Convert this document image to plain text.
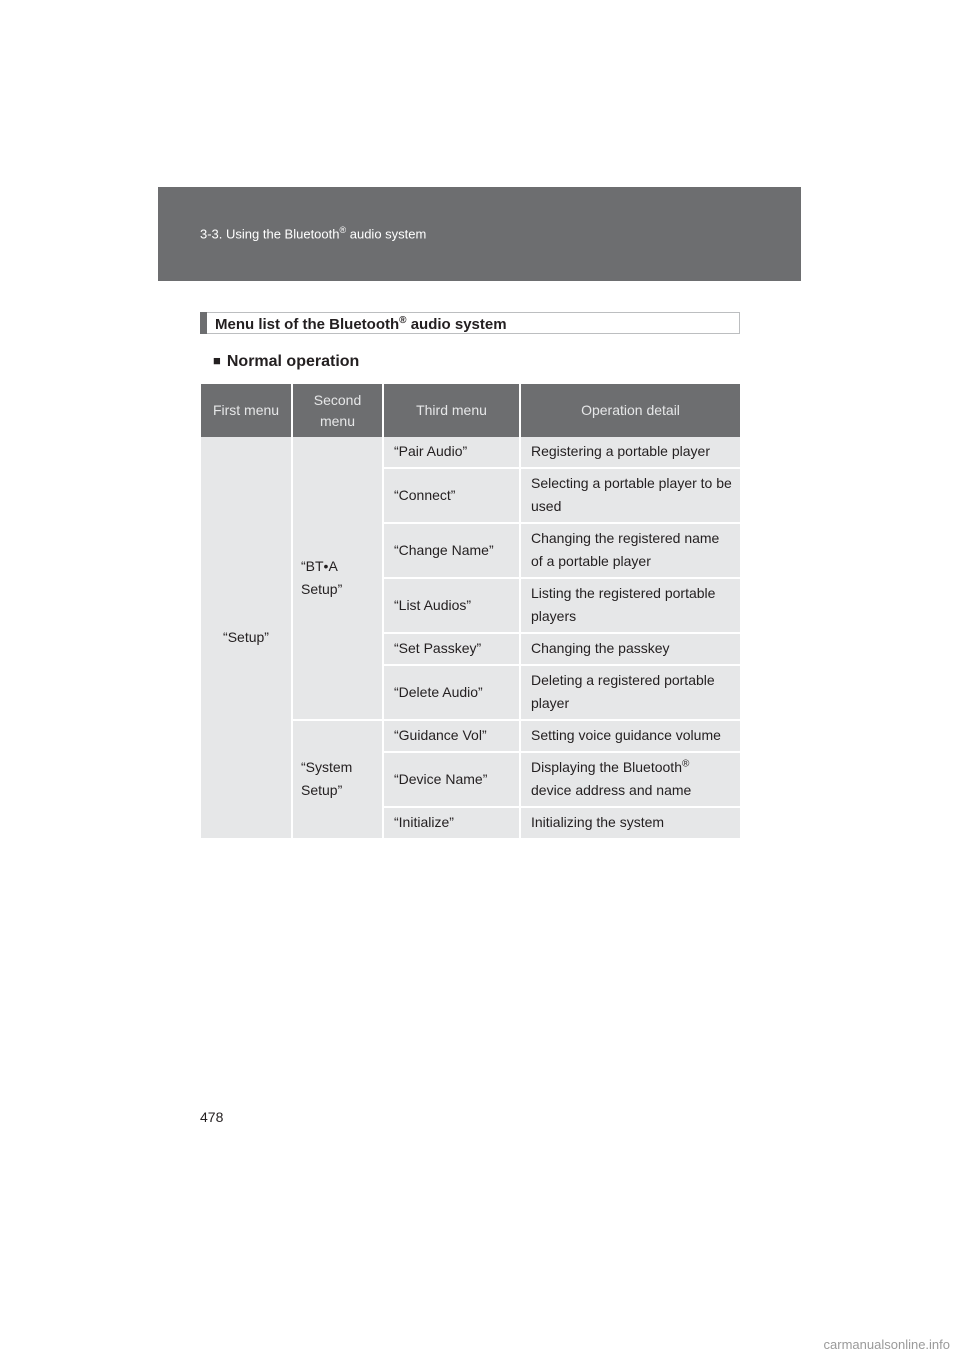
3-3. Using the Bluetooth® audio system
Menu list of the Bluetooth® audio system
■ Normal operation
First menu	Second menu	Third menu	Operation detail
“Setup”	“BT•A Setup”	“Pair Audio”	Registering a portable player
		“Connect”	Selecting a portable player to be used
		“Change Name”	Changing the registered name of a portable player
		“List Audios”	Listing the registered portable players
		“Set Passkey”	Changing the passkey
		“Delete Audio”	Deleting a registered portable player

	“System Setup”	“Guidance Vol”	Setting voice guidance volume
		“Device Name”	Displaying the Bluetooth® device address and name
		“Initialize”	Initializing the system
478
carmanualsonline.info
